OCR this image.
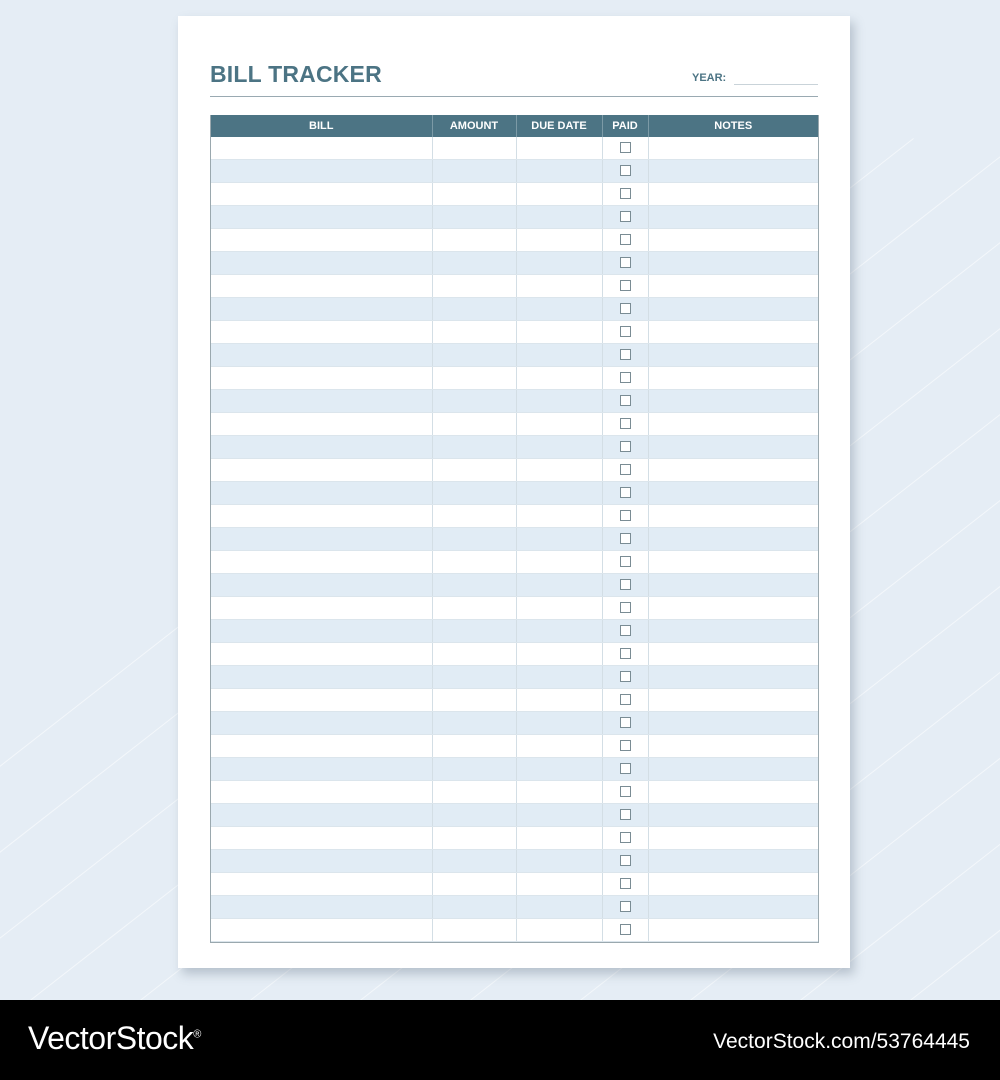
BILL TRACKER	YEAR:
BILL	AMOUNT	DUE DATE	PAID	NOTES

VectorStock®	VectorStock.com/53764445
